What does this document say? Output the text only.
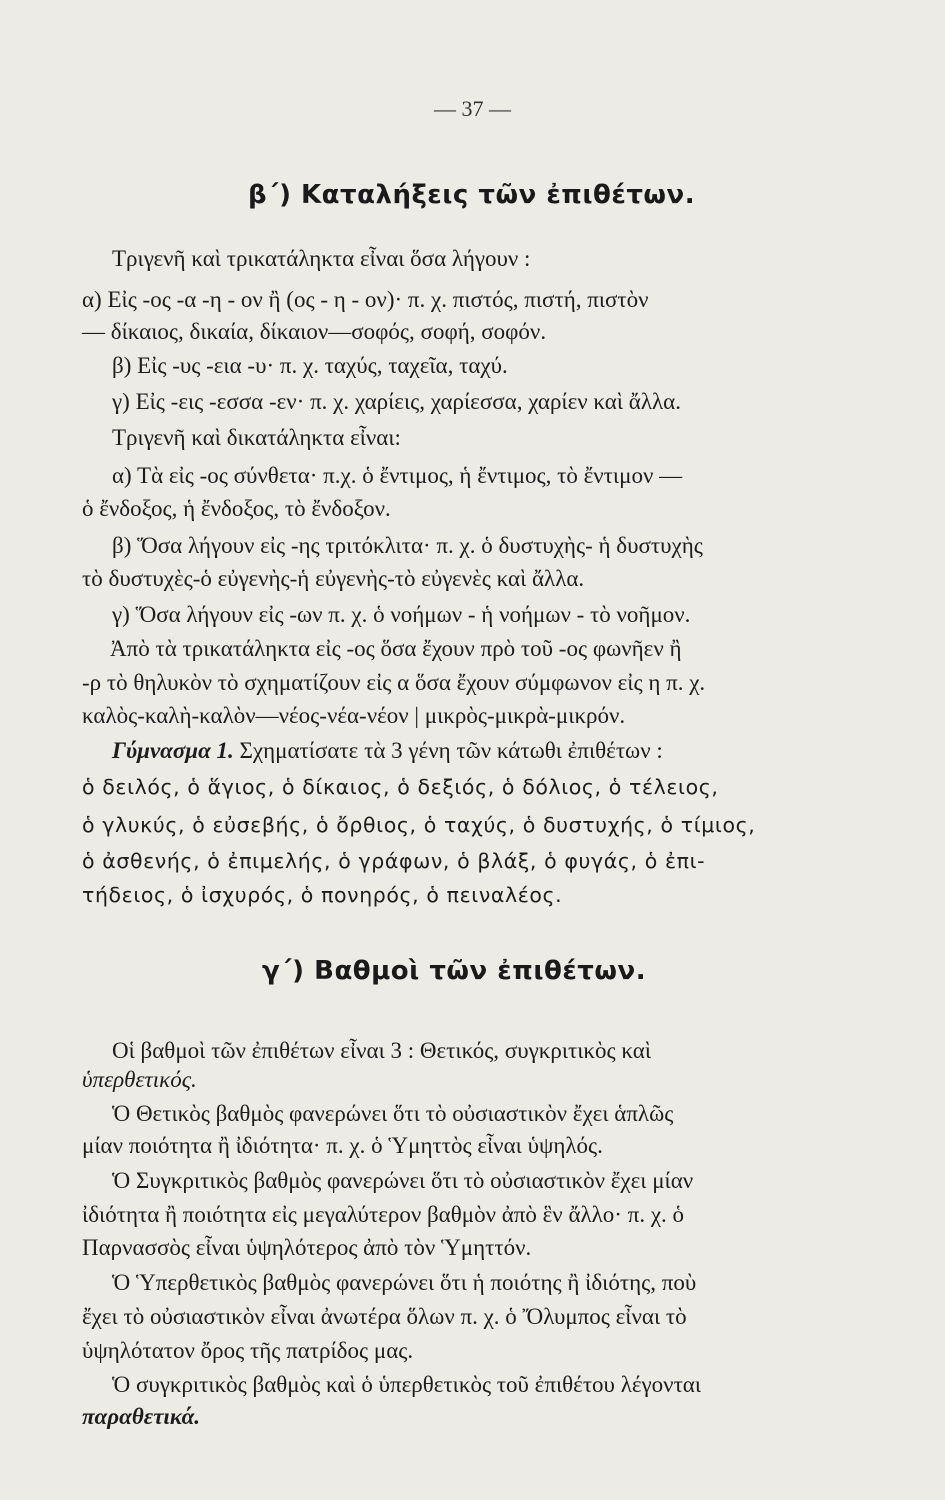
— 37 —
β΄) Καταλήξεις τῶν ἐπιθέτων.
Τριγενῆ καὶ τρικατάληκτα εἶναι ὅσα λήγουν :
α) Εἰς -ος -α -η - ον ἢ (ος - η - ον)· π. χ. πιστός, πιστή, πιστὸν
— δίκαιος, δικαία, δίκαιον—σοφός, σοφή, σοφόν.
β) Εἰς -υς -εια -υ· π. χ. ταχύς, ταχεῖα, ταχύ.
γ) Εἰς -εις -εσσα -εν· π. χ. χαρίεις, χαρίεσσα, χαρίεν καὶ ἄλλα.
Τριγενῆ καὶ δικατάληκτα εἶναι:
α) Τὰ εἰς -ος σύνθετα· π.χ. ὁ ἔντιμος, ἡ ἔντιμος, τὸ ἔντιμον —
ὁ ἔνδοξος, ἡ ἔνδοξος, τὸ ἔνδοξον.
β) Ὅσα λήγουν εἰς -ης τριτόκλιτα· π. χ. ὁ δυστυχὴς- ἡ δυστυχὴς
τὸ δυστυχὲς-ὁ εὐγενὴς-ἡ εὐγενὴς-τὸ εὐγενὲς καὶ ἄλλα.
γ) Ὅσα λήγουν εἰς -ων π. χ. ὁ νοήμων - ἡ νοήμων - τὸ νοῆμον.
Ἀπὸ τὰ τρικατάληκτα εἰς -ος ὅσα ἔχουν πρὸ τοῦ -ος φωνῆεν ἢ
-ρ τὸ θηλυκὸν τὸ σχηματίζουν εἰς α ὅσα ἔχουν σύμφωνον εἰς η π. χ.
καλὸς-καλὴ-καλὸν—νέος-νέα-νέον | μικρὸς-μικρὰ-μικρόν.
Γύμνασμα 1. Σχηματίσατε τὰ 3 γένη τῶν κάτωθι ἐπιθέτων :
ὁ δειλός, ὁ ἅγιος, ὁ δίκαιος, ὁ δεξιός, ὁ δόλιος, ὁ τέλειος,
ὁ γλυκύς, ὁ εὐσεβής, ὁ ὄρθιος, ὁ ταχύς, ὁ δυστυχής, ὁ τίμιος,
ὁ ἀσθενής, ὁ ἐπιμελής, ὁ γράφων, ὁ βλάξ, ὁ φυγάς, ὁ ἐπι-
τήδειος, ὁ ἰσχυρός, ὁ πονηρός, ὁ πειναλέος.
γ΄) Βαθμοὶ τῶν ἐπιθέτων.
Οἱ βαθμοὶ τῶν ἐπιθέτων εἶναι 3 : Θετικός, συγκριτικὸς καὶ
ὑπερθετικός.
Ὁ Θετικὸς βαθμὸς φανερώνει ὅτι τὸ οὐσιαστικὸν ἔχει ἁπλῶς
μίαν ποιότητα ἢ ἰδιότητα· π. χ. ὁ Ὑμηττὸς εἶναι ὑψηλός.
Ὁ Συγκριτικὸς βαθμὸς φανερώνει ὅτι τὸ οὐσιαστικὸν ἔχει μίαν
ἰδιότητα ἢ ποιότητα εἰς μεγαλύτερον βαθμὸν ἀπὸ ἓν ἄλλο· π. χ. ὁ
Παρνασσὸς εἶναι ὑψηλότερος ἀπὸ τὸν Ὑμηττόν.
Ὁ Ὑπερθετικὸς βαθμὸς φανερώνει ὅτι ἡ ποιότης ἢ ἰδιότης, ποὺ
ἔχει τὸ οὐσιαστικὸν εἶναι ἀνωτέρα ὅλων π. χ. ὁ Ὄλυμπος εἶναι τὸ
ὑψηλότατον ὄρος τῆς πατρίδος μας.
Ὁ συγκριτικὸς βαθμὸς καὶ ὁ ὑπερθετικὸς τοῦ ἐπιθέτου λέγονται
παραθετικά.
